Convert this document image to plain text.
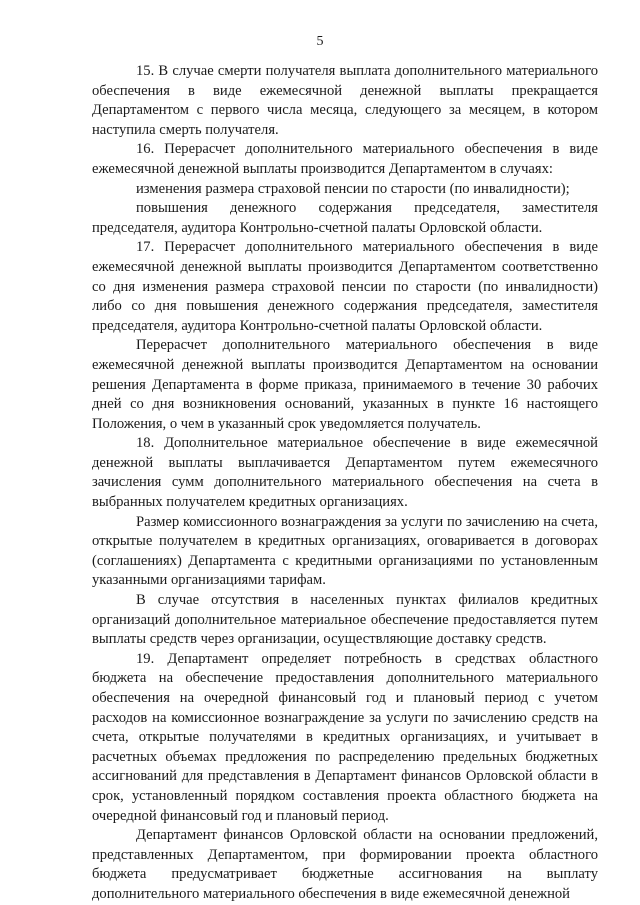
5

15. В случае смерти получателя выплата дополнительного материального обеспечения в виде ежемесячной денежной выплаты прекращается Департаментом с первого числа месяца, следующего за месяцем, в котором наступила смерть получателя.

16. Перерасчет дополнительного материального обеспечения в виде ежемесячной денежной выплаты производится Департаментом в случаях:

изменения размера страховой пенсии по старости (по инвалидности);

повышения денежного содержания председателя, заместителя председателя, аудитора Контрольно-счетной палаты Орловской области.

17. Перерасчет дополнительного материального обеспечения в виде ежемесячной денежной выплаты производится Департаментом соответственно со дня изменения размера страховой пенсии по старости (по инвалидности) либо со дня повышения денежного содержания председателя, заместителя председателя, аудитора Контрольно-счетной палаты Орловской области.

Перерасчет дополнительного материального обеспечения в виде ежемесячной денежной выплаты производится Департаментом на основании решения Департамента в форме приказа, принимаемого в течение 30 рабочих дней со дня возникновения оснований, указанных в пункте 16 настоящего Положения, о чем в указанный срок уведомляется получатель.

18. Дополнительное материальное обеспечение в виде ежемесячной денежной выплаты выплачивается Департаментом путем ежемесячного зачисления сумм дополнительного материального обеспечения на счета в выбранных получателем кредитных организациях.

Размер комиссионного вознаграждения за услуги по зачислению на счета, открытые получателем в кредитных организациях, оговаривается в договорах (соглашениях) Департамента с кредитными организациями по установленным указанными организациями тарифам.

В случае отсутствия в населенных пунктах филиалов кредитных организаций дополнительное материальное обеспечение предоставляется путем выплаты средств через организации, осуществляющие доставку средств.

19. Департамент определяет потребность в средствах областного бюджета на обеспечение предоставления дополнительного материального обеспечения на очередной финансовый год и плановый период с учетом расходов на комиссионное вознаграждение за услуги по зачислению средств на счета, открытые получателями в кредитных организациях, и учитывает в расчетных объемах предложения по распределению предельных бюджетных ассигнований для представления в Департамент финансов Орловской области в срок, установленный порядком составления проекта областного бюджета на очередной финансовый год и плановый период.

Департамент финансов Орловской области на основании предложений, представленных Департаментом, при формировании проекта областного бюджета предусматривает бюджетные ассигнования на выплату дополнительного материального обеспечения в виде ежемесячной денежной
